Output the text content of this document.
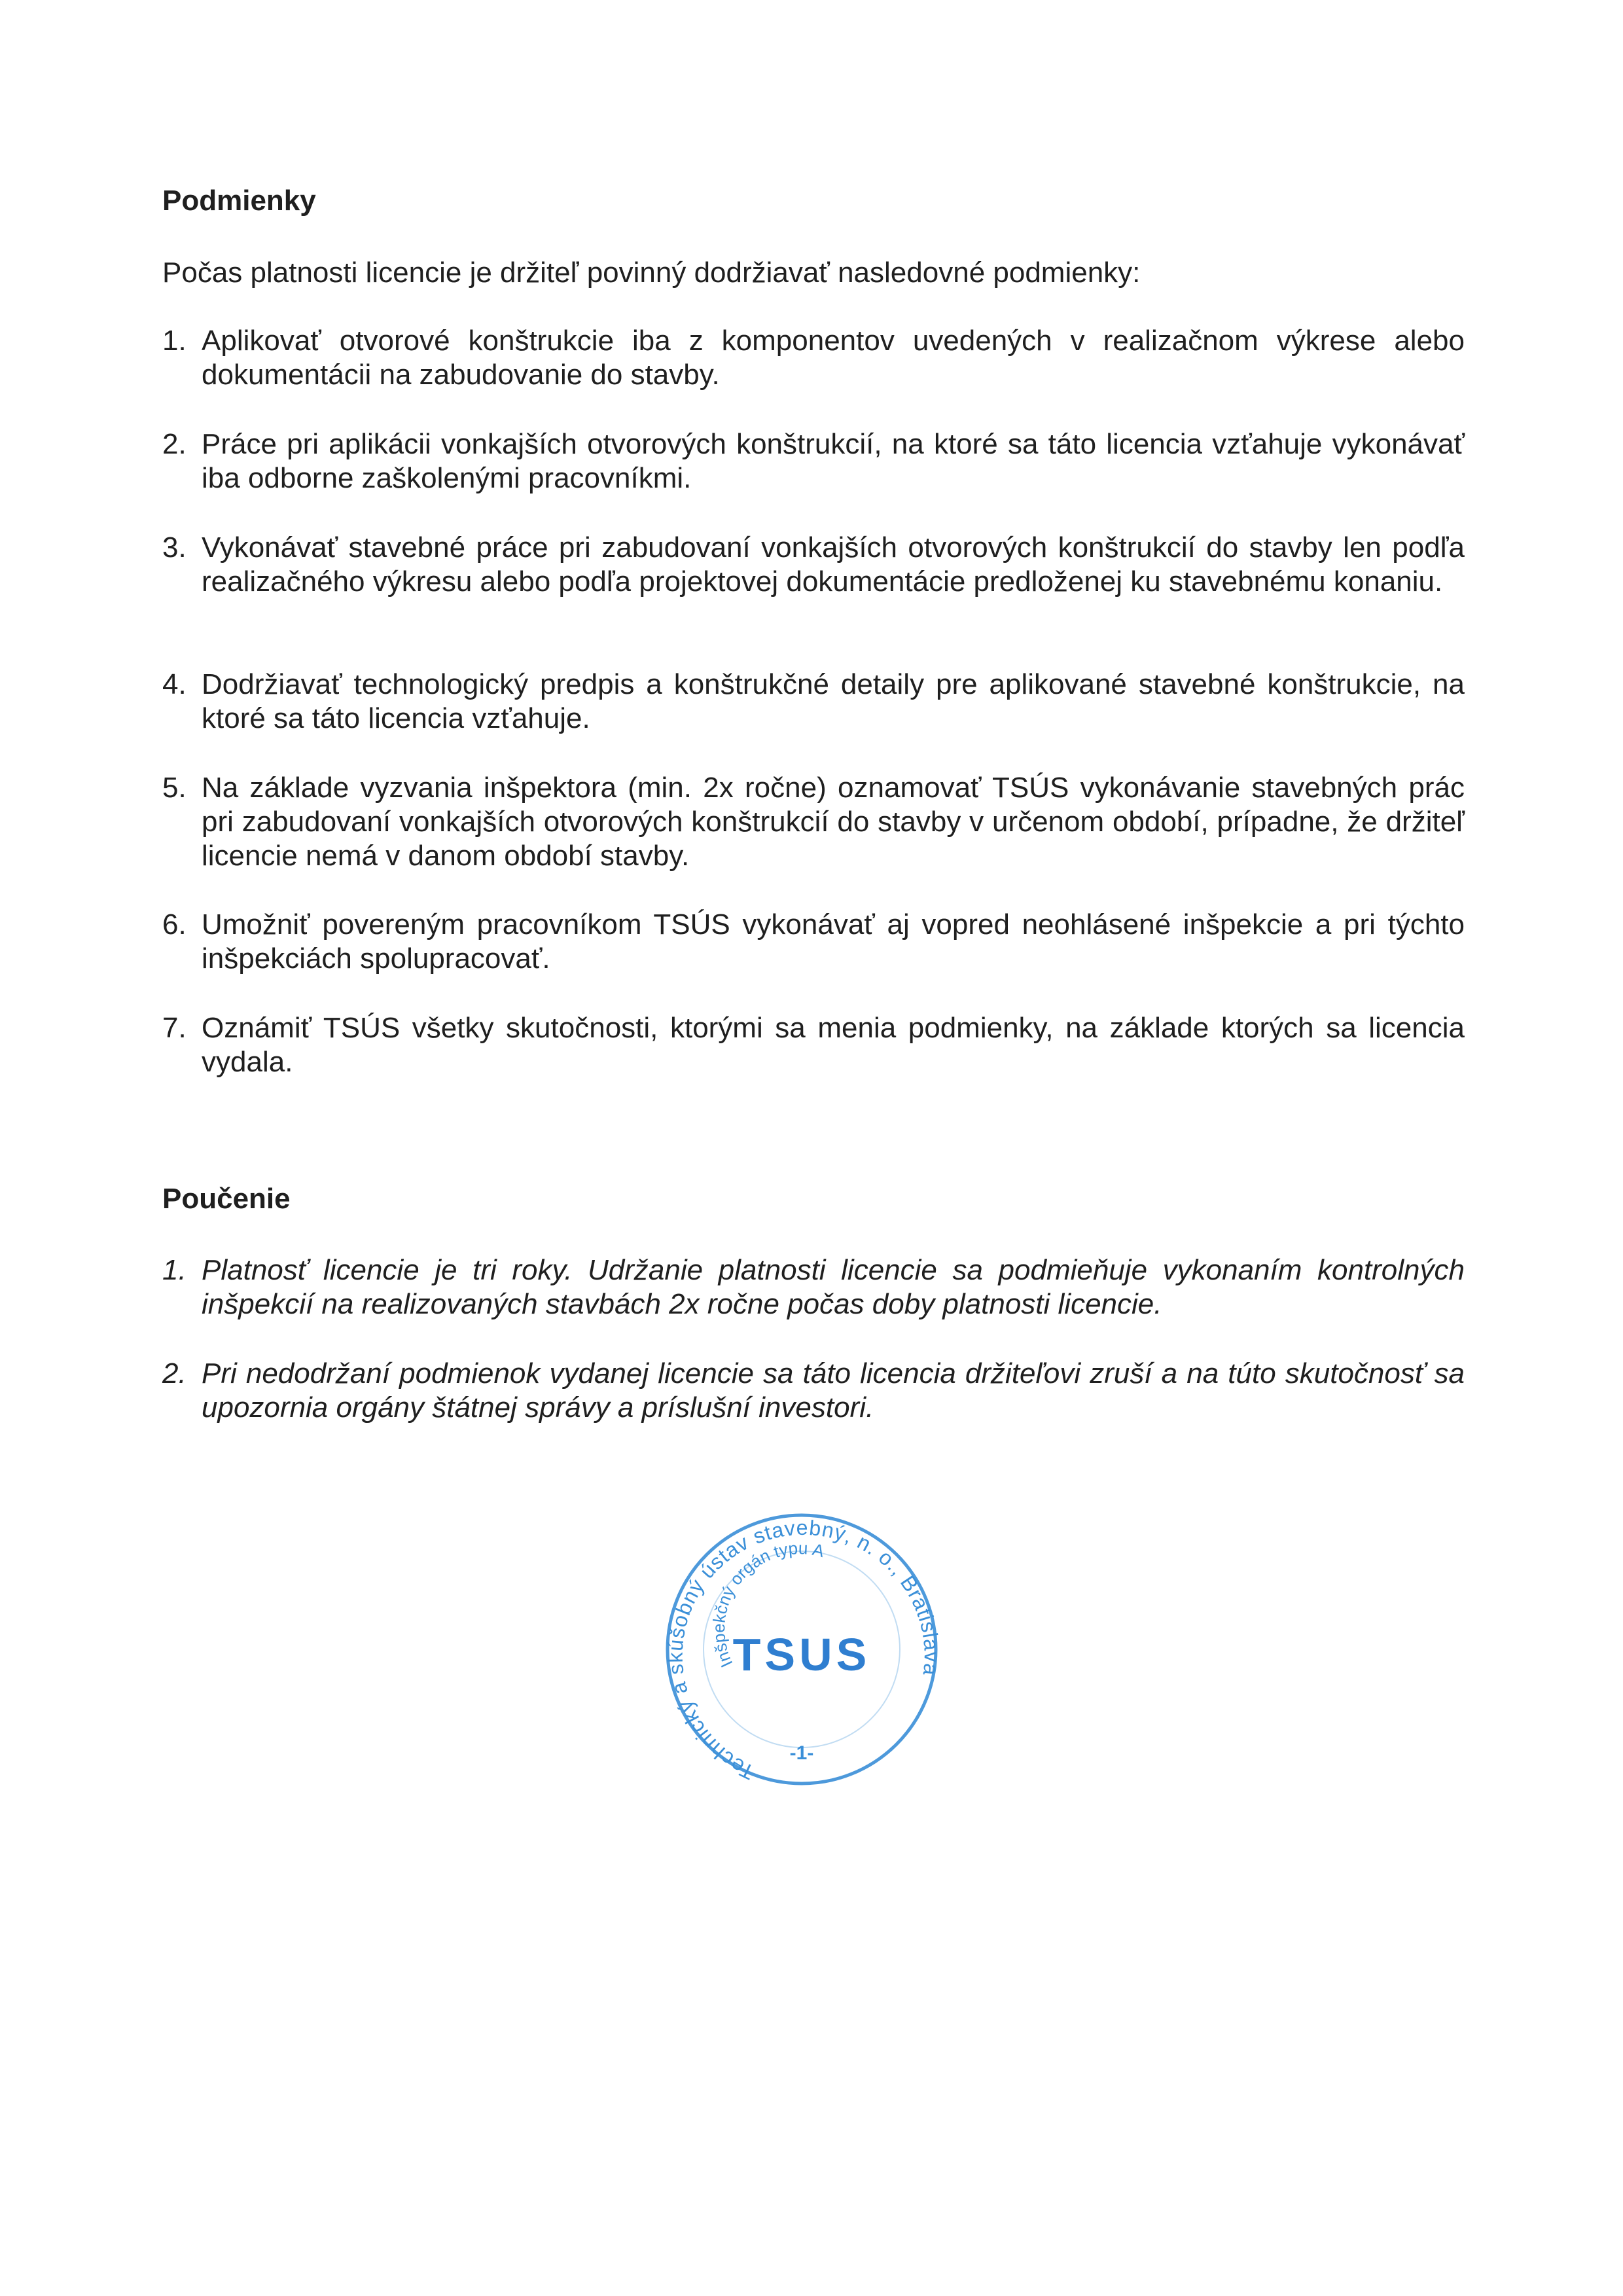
Podmienky

Počas platnosti licencie je držiteľ povinný dodržiavať nasledovné podmienky:

1. Aplikovať otvorové konštrukcie iba z komponentov uvedených v realizačnom výkrese alebo dokumentácii na zabudovanie do stavby.
2. Práce pri aplikácii vonkajších otvorových konštrukcií, na ktoré sa táto licencia vzťahuje vykonávať iba odborne zaškolenými pracovníkmi.
3. Vykonávať stavebné práce pri zabudovaní vonkajších otvorových konštrukcií do stavby len podľa realizačného výkresu alebo podľa projektovej dokumentácie predloženej ku stavebnému konaniu.
4. Dodržiavať technologický predpis a konštrukčné detaily pre aplikované stavebné konštrukcie, na ktoré sa táto licencia vzťahuje.
5. Na základe vyzvania inšpektora (min. 2x ročne) oznamovať TSÚS vykonávanie stavebných prác pri zabudovaní vonkajších otvorových konštrukcií do stavby v určenom období, prípadne, že držiteľ licencie nemá v danom období stavby.
6. Umožniť povereným pracovníkom TSÚS vykonávať aj vopred neohlásené inšpekcie a pri týchto inšpekciách spolupracovať.
7. Oznámiť TSÚS všetky skutočnosti, ktorými sa menia podmienky, na základe ktorých sa licencia vydala.
Poučenie
1. Platnosť licencie je tri roky. Udržanie platnosti licencie sa podmieňuje vykonaním kontrolných inšpekcií na realizovaných stavbách 2x ročne počas doby platnosti licencie.
2. Pri nedodržaní podmienok vydanej licencie sa táto licencia držiteľovi zruší a na túto skutočnosť sa upozornia orgány štátnej správy a príslušní investori.
Technický a skúšobný ústav stavebný, n. o., Bratislava
Inšpekčný orgán typu A
TSUS
-1-
